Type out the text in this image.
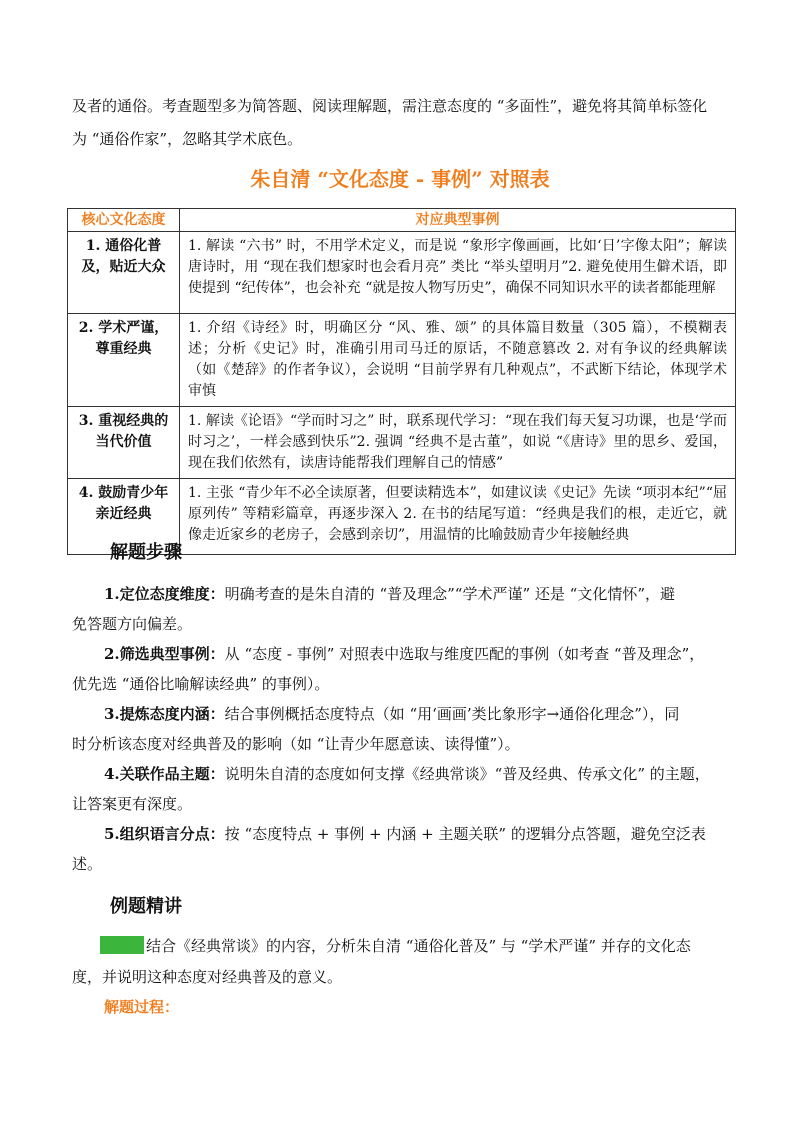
及者的通俗。考查题型多为简答题、阅读理解题，需注意态度的 “多面性”，避免将其简单标签化

为 “通俗作家”，忽略其学术底色。

朱自清 “文化态度 - 事例” 对照表

核心文化态度	对应典型事例
1. 通俗化普及，贴近大众	1. 解读 “六书” 时，不用学术定义，而是说 “象形字像画画，比如‘日’字像太阳”；解读唐诗时，用 “现在我们想家时也会看月亮” 类比 “举头望明月”2. 避免使用生僻术语，即使提到 “纪传体”，也会补充 “就是按人物写历史”，确保不同知识水平的读者都能理解
2. 学术严谨，尊重经典	1. 介绍《诗经》时，明确区分 “风、雅、颂” 的具体篇目数量（305 篇），不模糊表述；分析《史记》时，准确引用司马迁的原话，不随意篡改 2. 对有争议的经典解读（如《楚辞》的作者争议），会说明 “目前学界有几种观点”，不武断下结论，体现学术审慎
3. 重视经典的当代价值	1. 解读《论语》“学而时习之” 时，联系现代学习：“现在我们每天复习功课，也是‘学而时习之’，一样会感到快乐”2. 强调 “经典不是古董”，如说 “《唐诗》里的思乡、爱国，现在我们依然有，读唐诗能帮我们理解自己的情感”
4. 鼓励青少年亲近经典	1. 主张 “青少年不必全读原著，但要读精选本”，如建议读《史记》先读 “项羽本纪”“屈原列传” 等精彩篇章，再逐步深入 2. 在书的结尾写道：“经典是我们的根，走近它，就像走近家乡的老房子，会感到亲切”，用温情的比喻鼓励青少年接触经典

解题步骤

1.定位态度维度：明确考查的是朱自清的 “普及理念”“学术严谨” 还是 “文化情怀”，避

免答题方向偏差。

2.筛选典型事例：从 “态度 - 事例” 对照表中选取与维度匹配的事例（如考查 “普及理念”，

优先选 “通俗比喻解读经典” 的事例）。

3.提炼态度内涵：结合事例概括态度特点（如 “用‘画画’类比象形字→通俗化理念”），同

时分析该态度对经典普及的影响（如 “让青少年愿意读、读得懂”）。

4.关联作品主题：说明朱自清的态度如何支撑《经典常谈》“普及经典、传承文化” 的主题，

让答案更有深度。

5.组织语言分点：按 “态度特点 + 事例 + 内涵 + 主题关联” 的逻辑分点答题，避免空泛表

述。

例题精讲

结合《经典常谈》的内容，分析朱自清 “通俗化普及” 与 “学术严谨” 并存的文化态

度，并说明这种态度对经典普及的意义。

解题过程：
